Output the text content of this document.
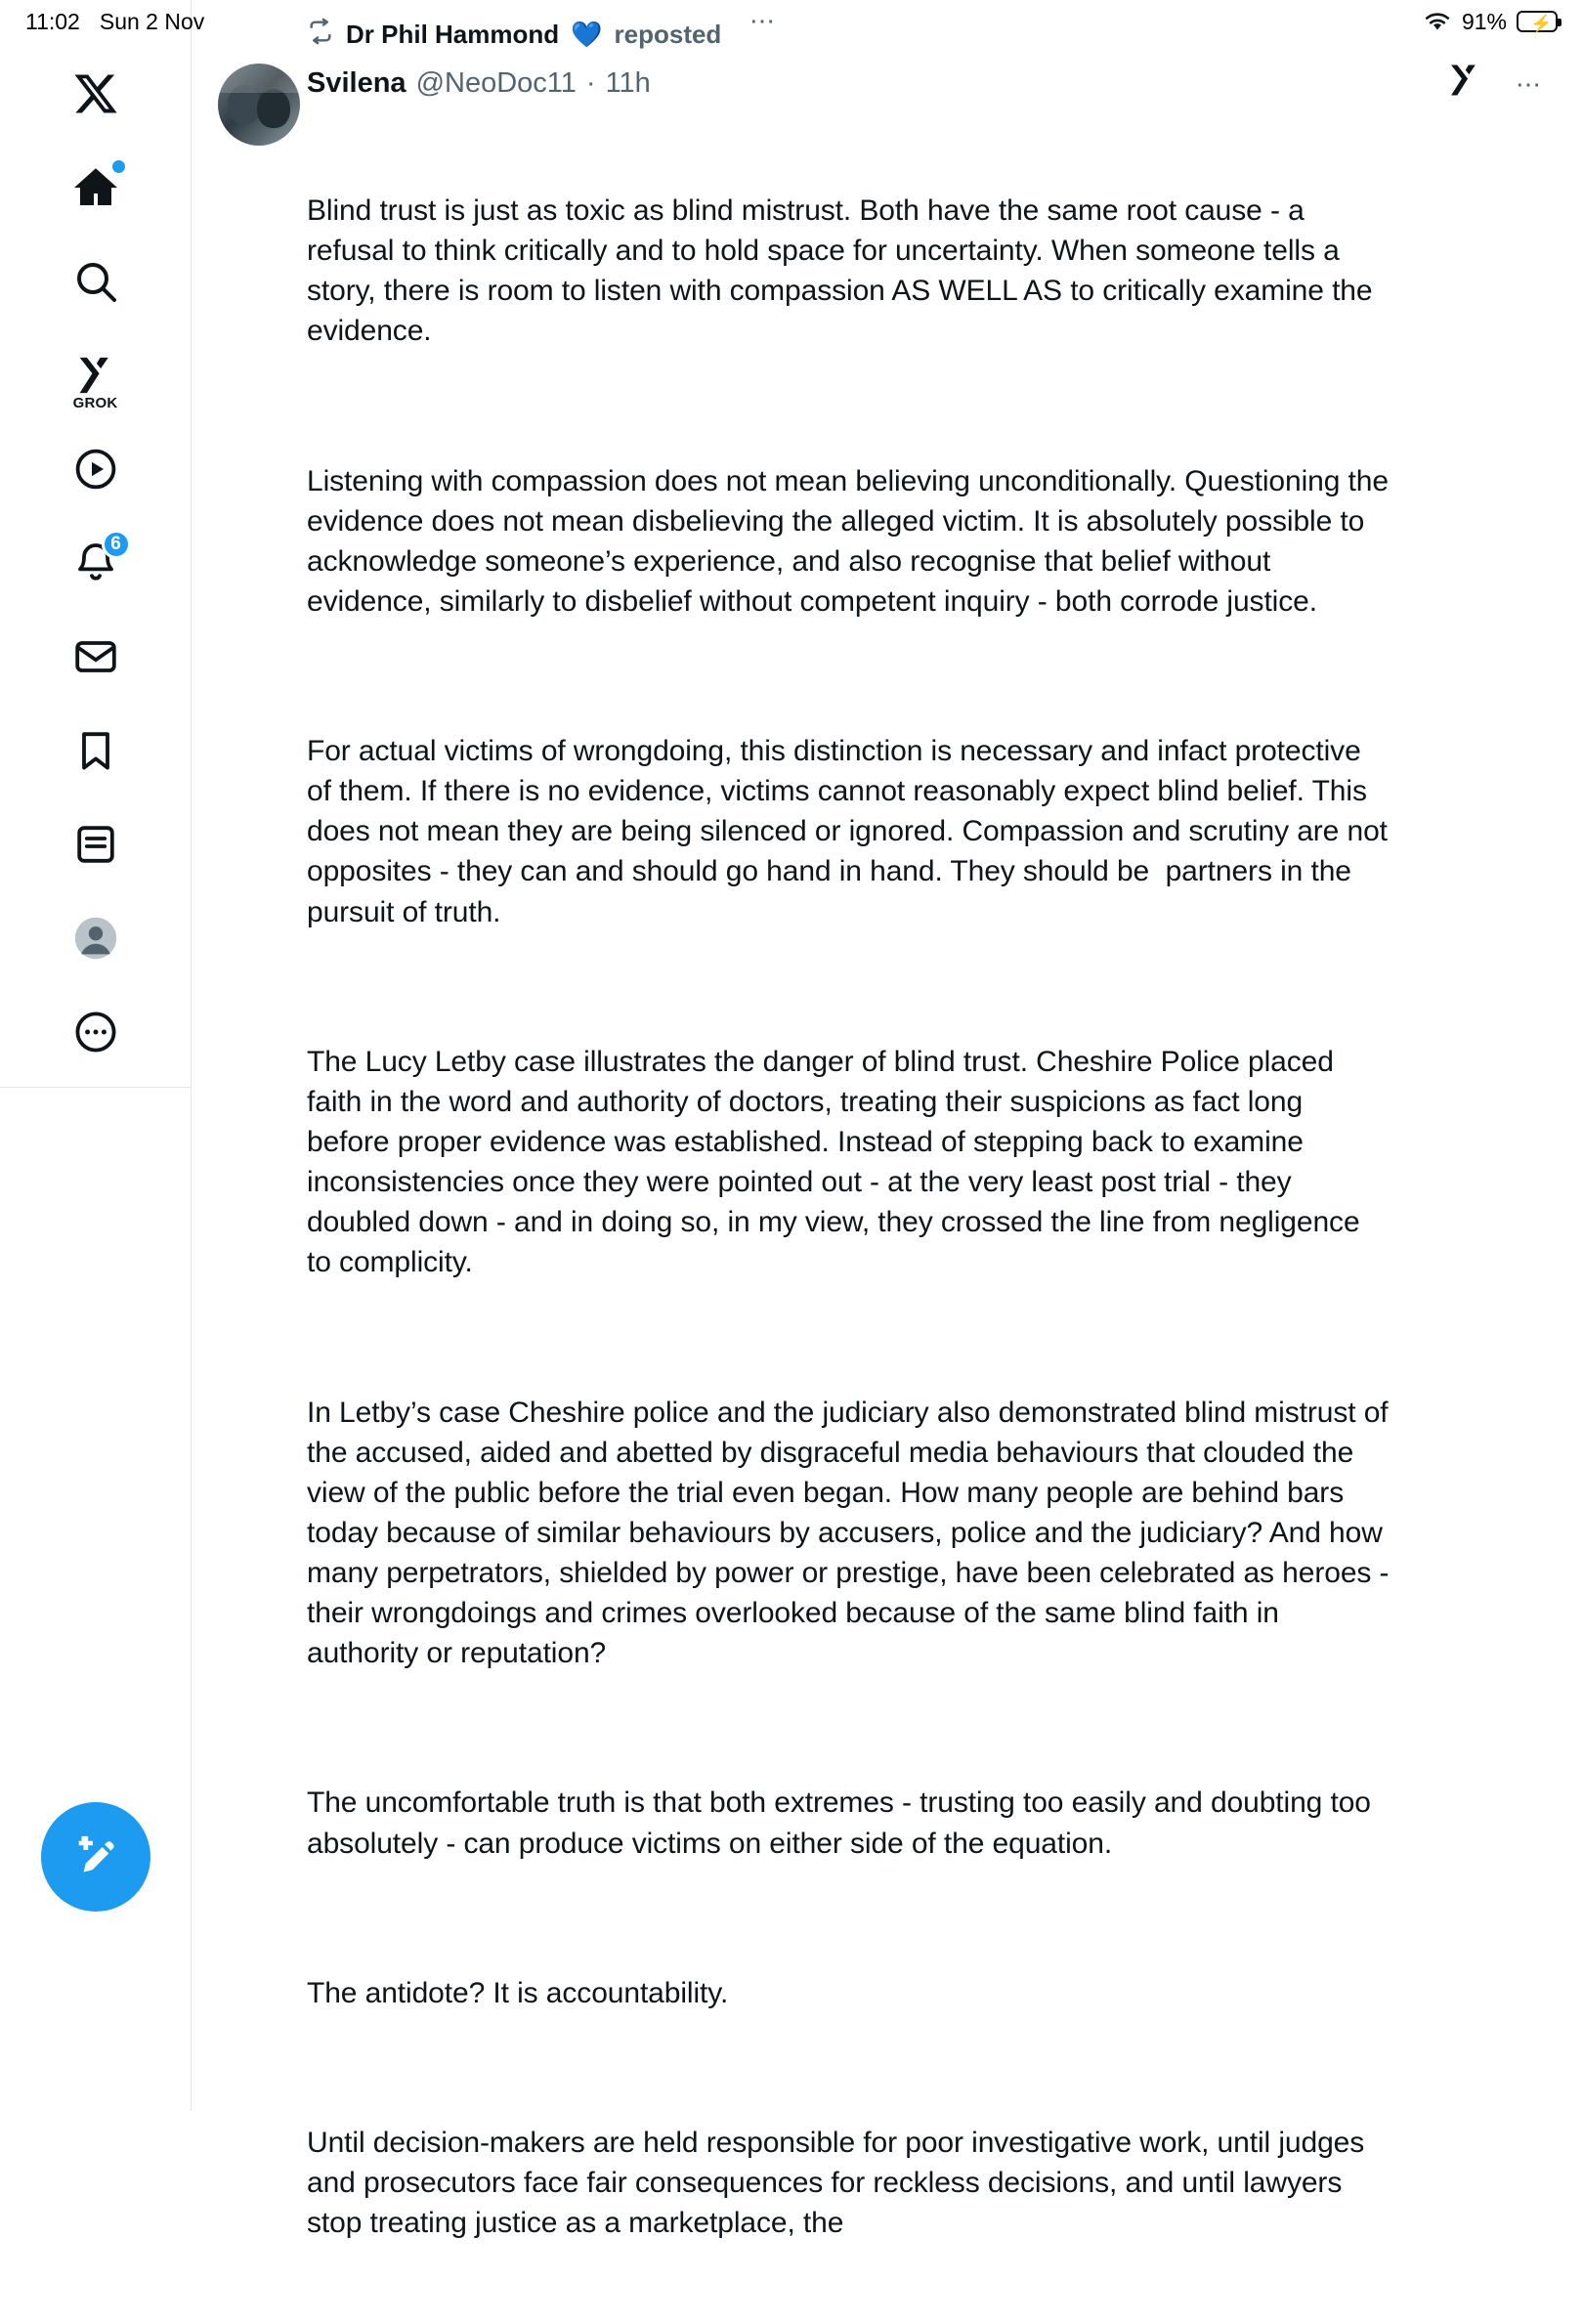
11:02 Sun 2 Nov	91% ⚡
GROK
6
⋯
Dr Phil Hammond 💙 reposted
Svilena @NeoDoc11 · 11h	⋯

Blind trust is just as toxic as blind mistrust. Both have the same root cause - a refusal to think critically and to hold space for uncertainty. When someone tells a story, there is room to listen with compassion AS WELL AS to critically examine the evidence.

Listening with compassion does not mean believing unconditionally. Questioning the evidence does not mean disbelieving the alleged victim. It is absolutely possible to acknowledge someone’s experience, and also recognise that belief without evidence, similarly to disbelief without competent inquiry - both corrode justice.

For actual victims of wrongdoing, this distinction is necessary and infact protective of them. If there is no evidence, victims cannot reasonably expect blind belief. This does not mean they are being silenced or ignored. Compassion and scrutiny are not opposites - they can and should go hand in hand. They should be  partners in the pursuit of truth.

The Lucy Letby case illustrates the danger of blind trust. Cheshire Police placed faith in the word and authority of doctors, treating their suspicions as fact long before proper evidence was established. Instead of stepping back to examine inconsistencies once they were pointed out - at the very least post trial - they doubled down - and in doing so, in my view, they crossed the line from negligence to complicity.

In Letby’s case Cheshire police and the judiciary also demonstrated blind mistrust of the accused, aided and abetted by disgraceful media behaviours that clouded the view of the public before the trial even began. How many people are behind bars today because of similar behaviours by accusers, police and the judiciary? And how many perpetrators, shielded by power or prestige, have been celebrated as heroes - their wrongdoings and crimes overlooked because of the same blind faith in authority or reputation?

The uncomfortable truth is that both extremes - trusting too easily and doubting too absolutely - can produce victims on either side of the equation.

The antidote? It is accountability.

Until decision-makers are held responsible for poor investigative work, until judges and prosecutors face fair consequences for reckless decisions, and until lawyers stop treating justice as a marketplace, the
